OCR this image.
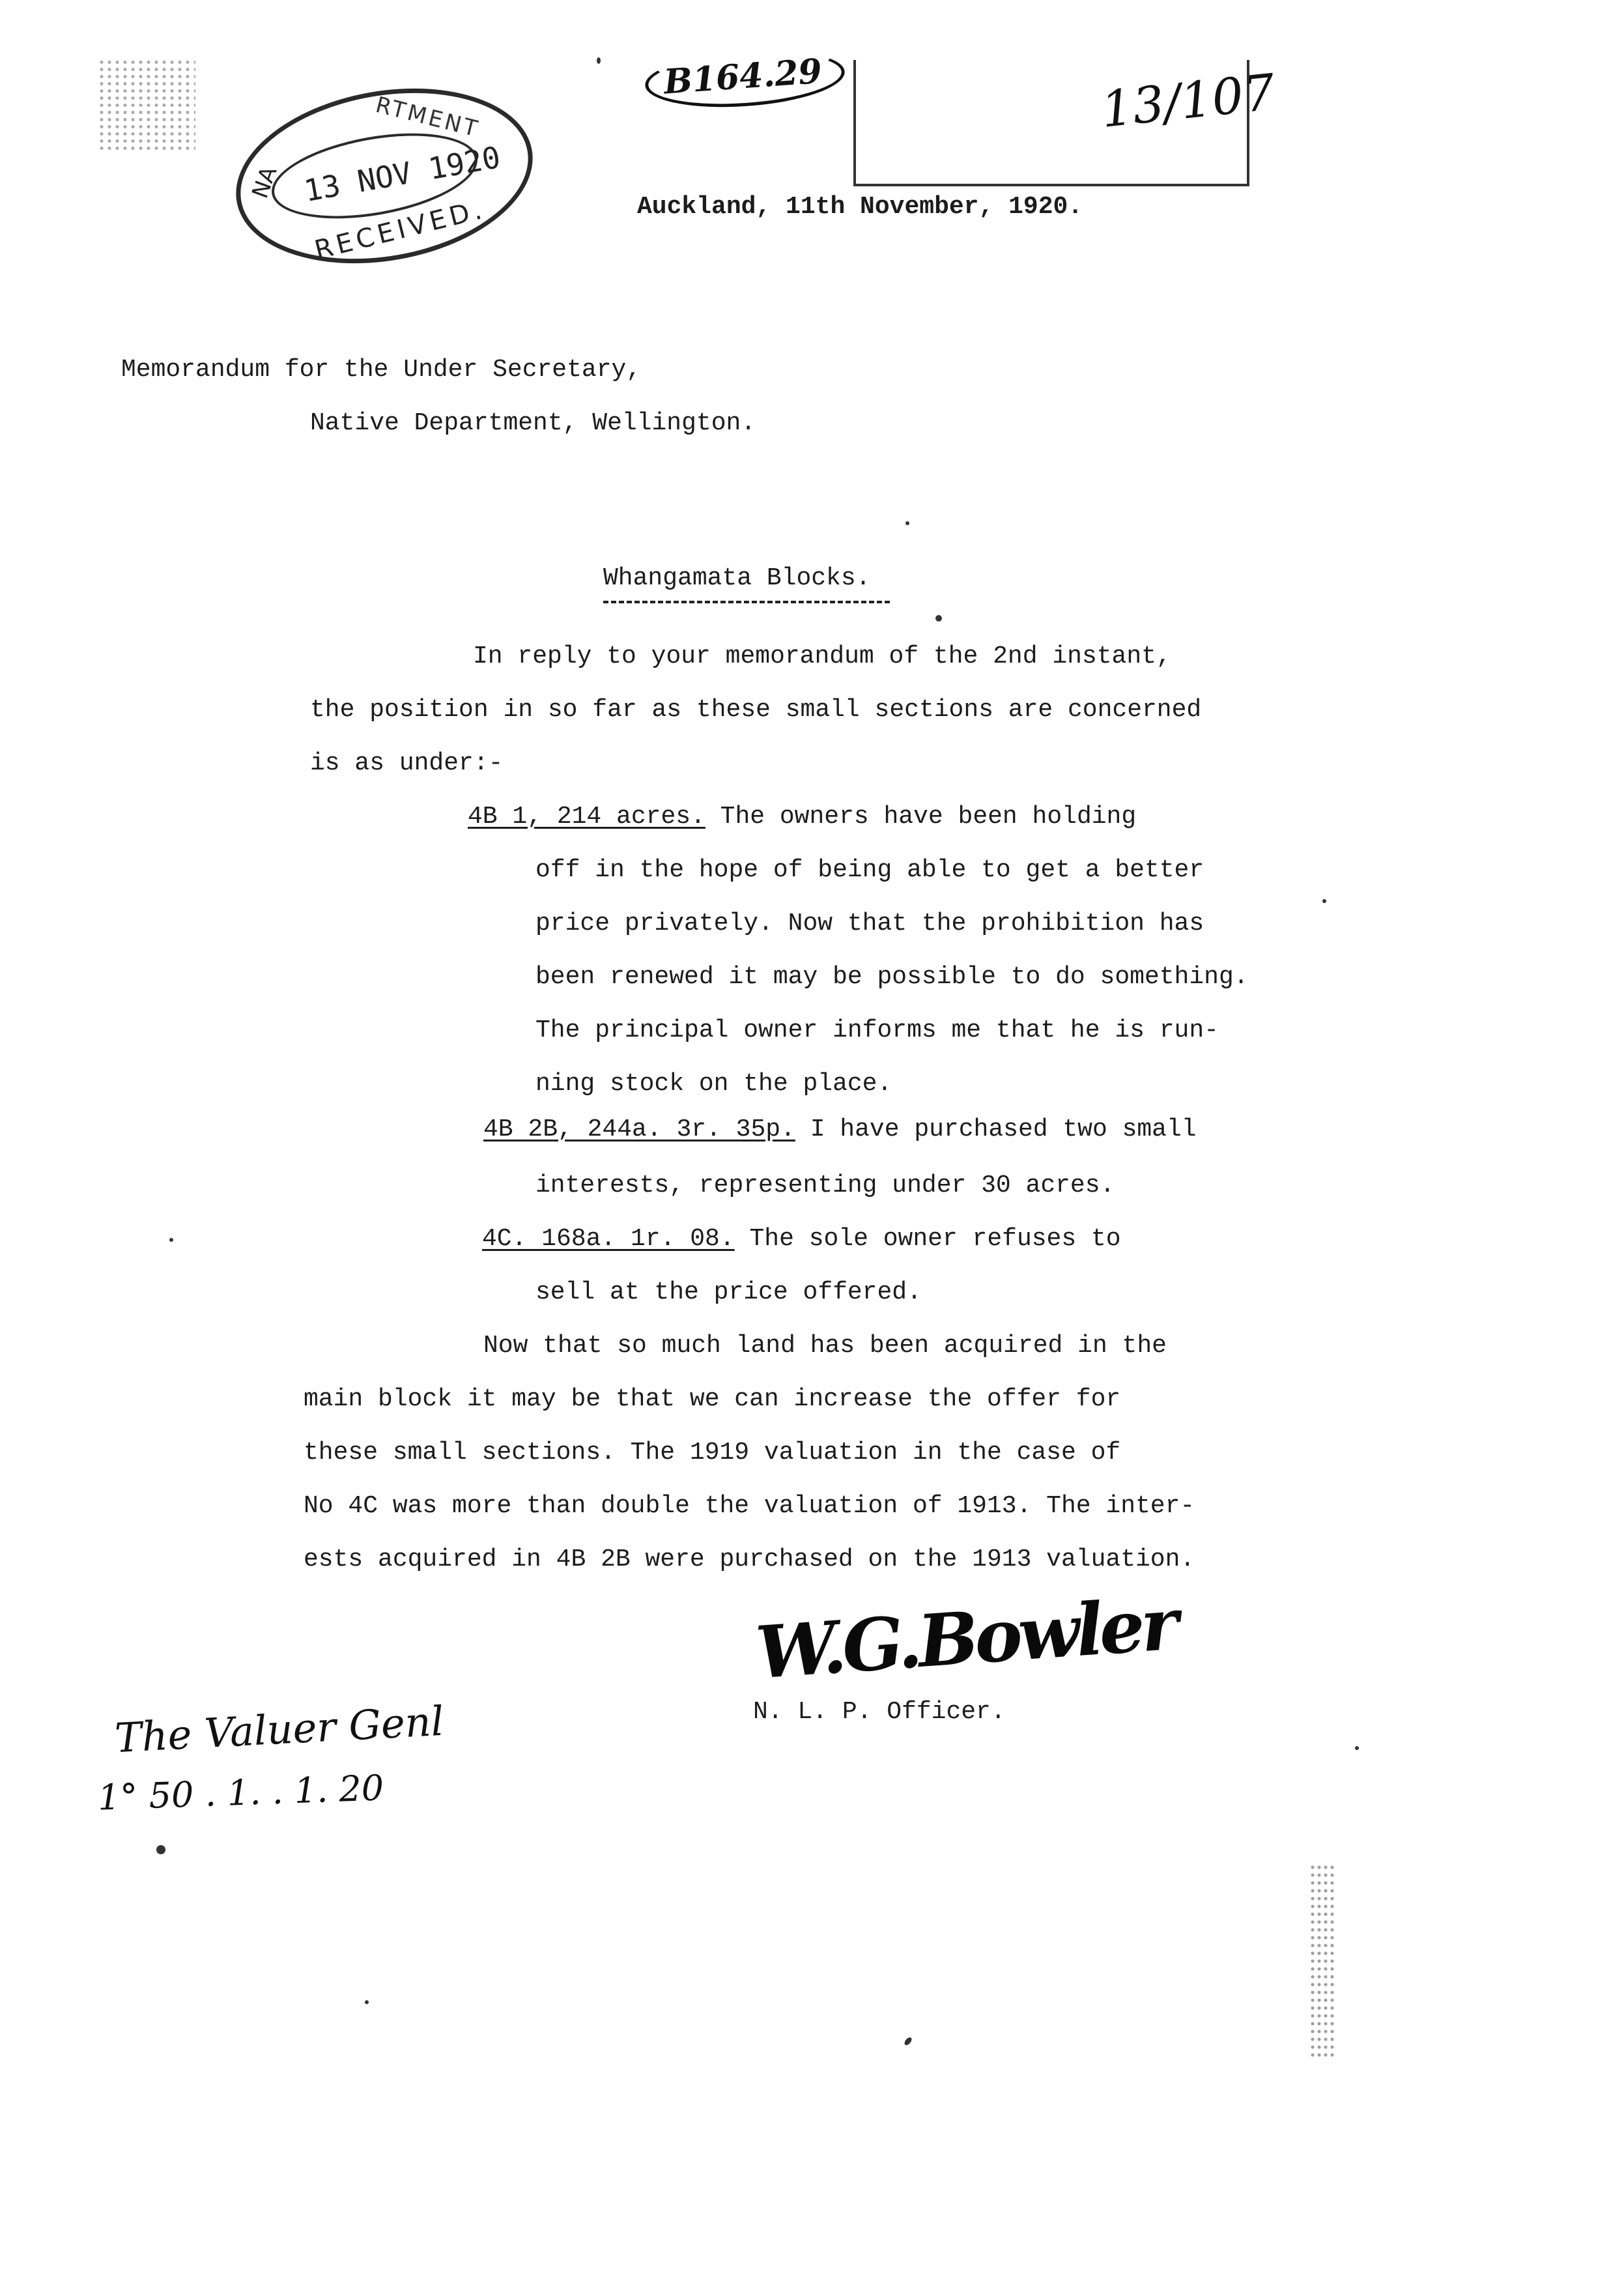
RTMENT
NA 13 NOV 1920
RECEIVED.
B164.29	13/107
Auckland, 11th November, 1920.
Memorandum for the Under Secretary,
Native Department, Wellington.
Whangamata Blocks.
In reply to your memorandum of the 2nd instant,
the position in so far as these small sections are concerned
is as under:-
4B 1, 214 acres. The owners have been holding
off in the hope of being able to get a better
price privately. Now that the prohibition has
been renewed it may be possible to do something.
The principal owner informs me that he is run-
ning stock on the place.
4B 2B, 244a. 3r. 35p. I have purchased two small
interests, representing under 30 acres.
4C. 168a. 1r. 08. The sole owner refuses to
sell at the price offered.
Now that so much land has been acquired in the
main block it may be that we can increase the offer for
these small sections. The 1919 valuation in the case of
No 4C was more than double the valuation of 1913. The inter-
ests acquired in 4B 2B were purchased on the 1913 valuation.
W.G.Bowler
N. L. P. Officer.
The Valuer Genl
1° 50 . 1. . 1. 20
